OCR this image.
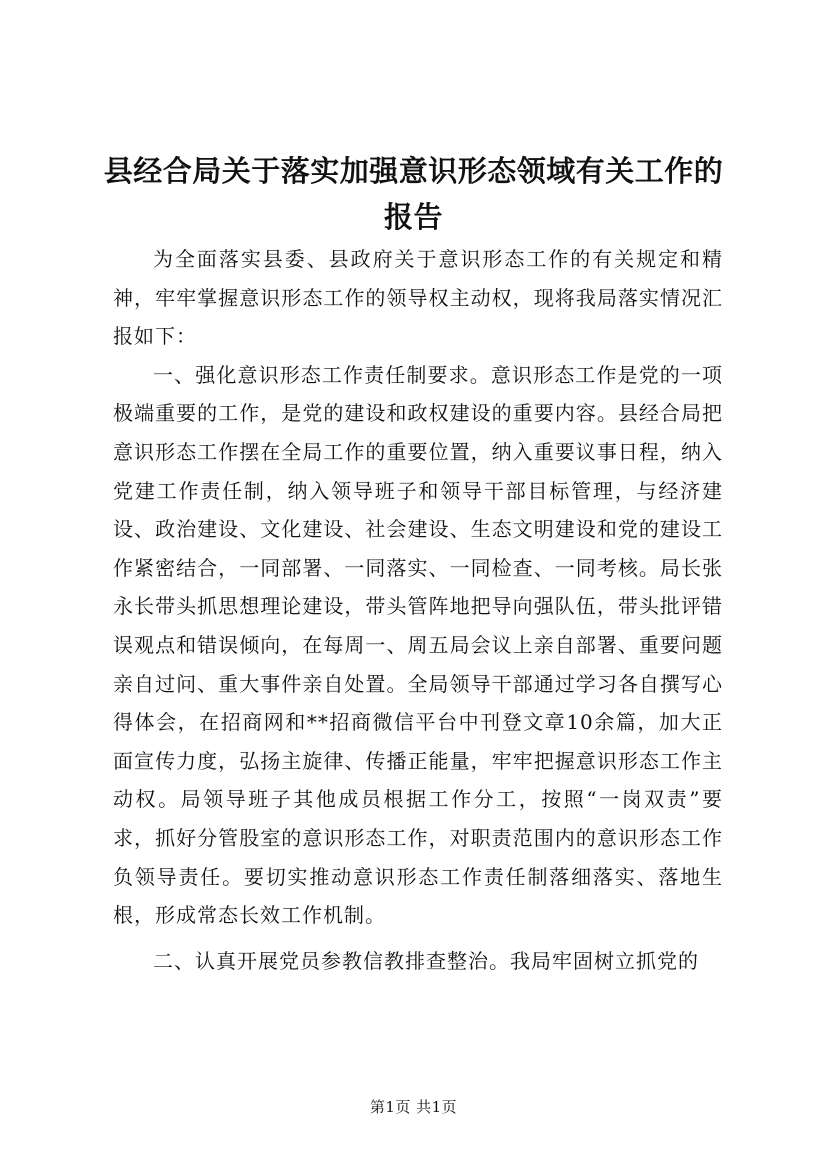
县经合局关于落实加强意识形态领域有关工作的报告

为全面落实县委、县政府关于意识形态工作的有关规定和精神，牢牢掌握意识形态工作的领导权主动权，现将我局落实情况汇报如下：

一、强化意识形态工作责任制要求。意识形态工作是党的一项极端重要的工作，是党的建设和政权建设的重要内容。县经合局把意识形态工作摆在全局工作的重要位置，纳入重要议事日程，纳入党建工作责任制，纳入领导班子和领导干部目标管理，与经济建设、政治建设、文化建设、社会建设、生态文明建设和党的建设工作紧密结合，一同部署、一同落实、一同检查、一同考核。局长张永长带头抓思想理论建设，带头管阵地把导向强队伍，带头批评错误观点和错误倾向，在每周一、周五局会议上亲自部署、重要问题亲自过问、重大事件亲自处置。全局领导干部通过学习各自撰写心得体会，在招商网和**招商微信平台中刊登文章10余篇，加大正面宣传力度，弘扬主旋律、传播正能量，牢牢把握意识形态工作主动权。局领导班子其他成员根据工作分工，按照“一岗双责”要求，抓好分管股室的意识形态工作，对职责范围内的意识形态工作负领导责任。要切实推动意识形态工作责任制落细落实、落地生根，形成常态长效工作机制。

二、认真开展党员参教信教排查整治。我局牢固树立抓党的

第1页 共1页
